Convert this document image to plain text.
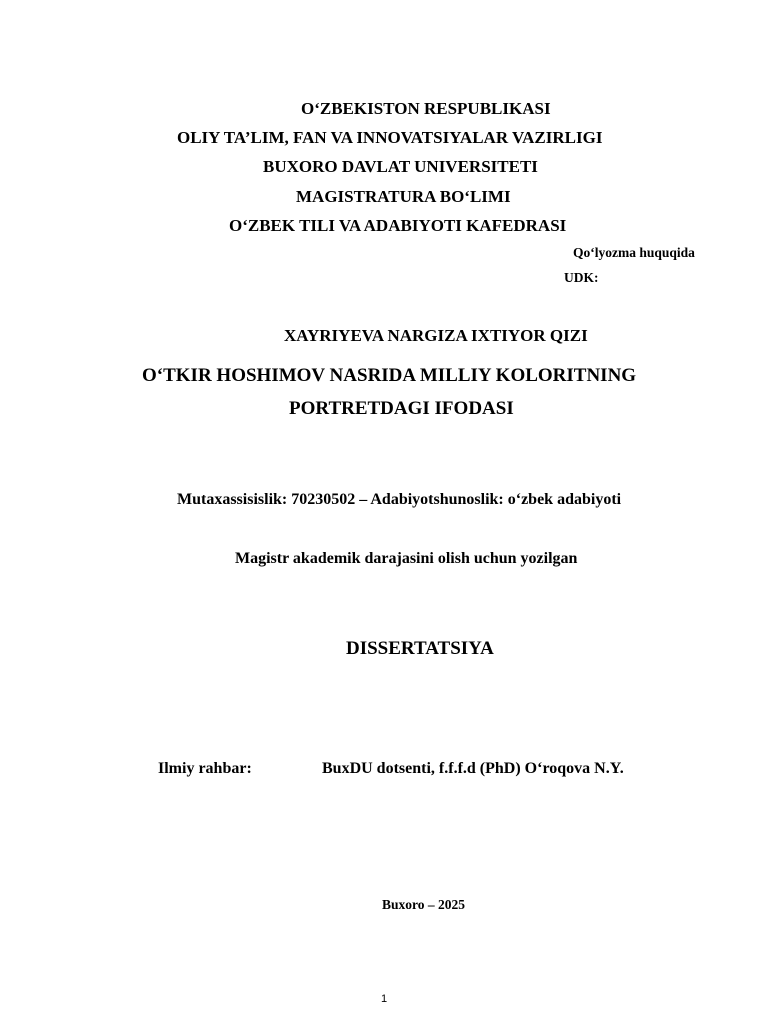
O‘ZBEKISTON RESPUBLIKASI
OLIY TA’LIM, FAN VA INNOVATSIYALAR VAZIRLIGI
BUXORO DAVLAT UNIVERSITETI
MAGISTRATURA BO‘LIMI
O‘ZBEK TILI VA ADABIYOTI KAFEDRASI
Qo‘lyozma huquqida
UDK:
XAYRIYEVA NARGIZA IXTIYOR QIZI
O‘TKIR HOSHIMOV NASRIDA MILLIY KOLORITNING
PORTRETDAGI IFODASI
Mutaxassisislik: 70230502 – Adabiyotshunoslik: o‘zbek adabiyoti
Magistr akademik darajasini olish uchun yozilgan
DISSERTATSIYA
Ilmiy rahbar:	BuxDU dotsenti, f.f.f.d (PhD) O‘roqova N.Y.
Buxoro – 2025
1
